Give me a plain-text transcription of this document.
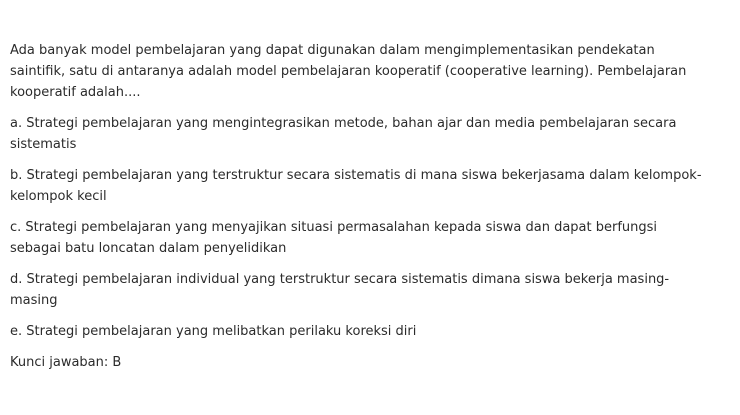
Ada banyak model pembelajaran yang dapat digunakan dalam mengimplementasikan pendekatan saintifik, satu di antaranya adalah model pembelajaran kooperatif (cooperative learning). Pembelajaran kooperatif adalah....

a. Strategi pembelajaran yang mengintegrasikan metode, bahan ajar dan media pembelajaran secara sistematis

b. Strategi pembelajaran yang terstruktur secara sistematis di mana siswa bekerjasama dalam kelompok-kelompok kecil

c. Strategi pembelajaran yang menyajikan situasi permasalahan kepada siswa dan dapat berfungsi sebagai batu loncatan dalam penyelidikan

d. Strategi pembelajaran individual yang terstruktur secara sistematis dimana siswa bekerja masing-masing

e. Strategi pembelajaran yang melibatkan perilaku koreksi diri

Kunci jawaban: B
